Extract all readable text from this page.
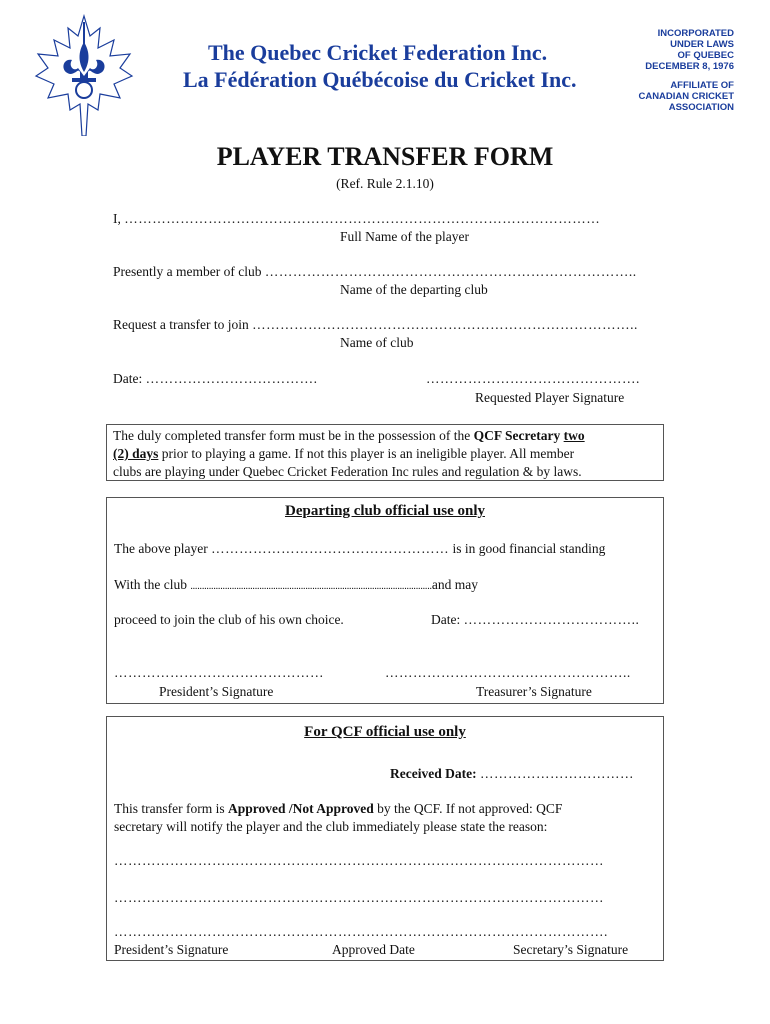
The Quebec Cricket Federation Inc.
La Fédération Québécoise du Cricket Inc.
INCORPORATED
UNDER LAWS
OF QUEBEC
DECEMBER 8, 1976
AFFILIATE OF
CANADIAN CRICKET
ASSOCIATION
PLAYER TRANSFER FORM
(Ref. Rule 2.1.10)
I, …………………………………………………………………………………………
Full Name of the player
Presently a member of club ……………………………………………………………………..
Name of the departing club
Request a transfer to join ………………………………………………………………………..
Name of club
Date: ……………………………….	……………………………………….
Requested Player Signature
The duly completed transfer form must be in the possession of the QCF Secretary two
(2) days prior to playing a game. If not this player is an ineligible player. All member
clubs are playing under Quebec Cricket Federation Inc rules and regulation & by laws.
Departing club official use only
The above player …………………………………………… is in good financial standing
With the club .........................................................................................................and may
proceed to join the club of his own choice.	Date: ………………………………..
………………………………………
President’s Signature
……………………………………………..
Treasurer’s Signature
For QCF official use only
Received Date: ……………………………
This transfer form is Approved /Not Approved by the QCF. If not approved: QCF
secretary will notify the player and the club immediately please state the reason:
……………………………………………………………………………………………
……………………………………………………………………………………………
…………………………………………………………………………………………….
President’s Signature	Approved Date	Secretary’s Signature
